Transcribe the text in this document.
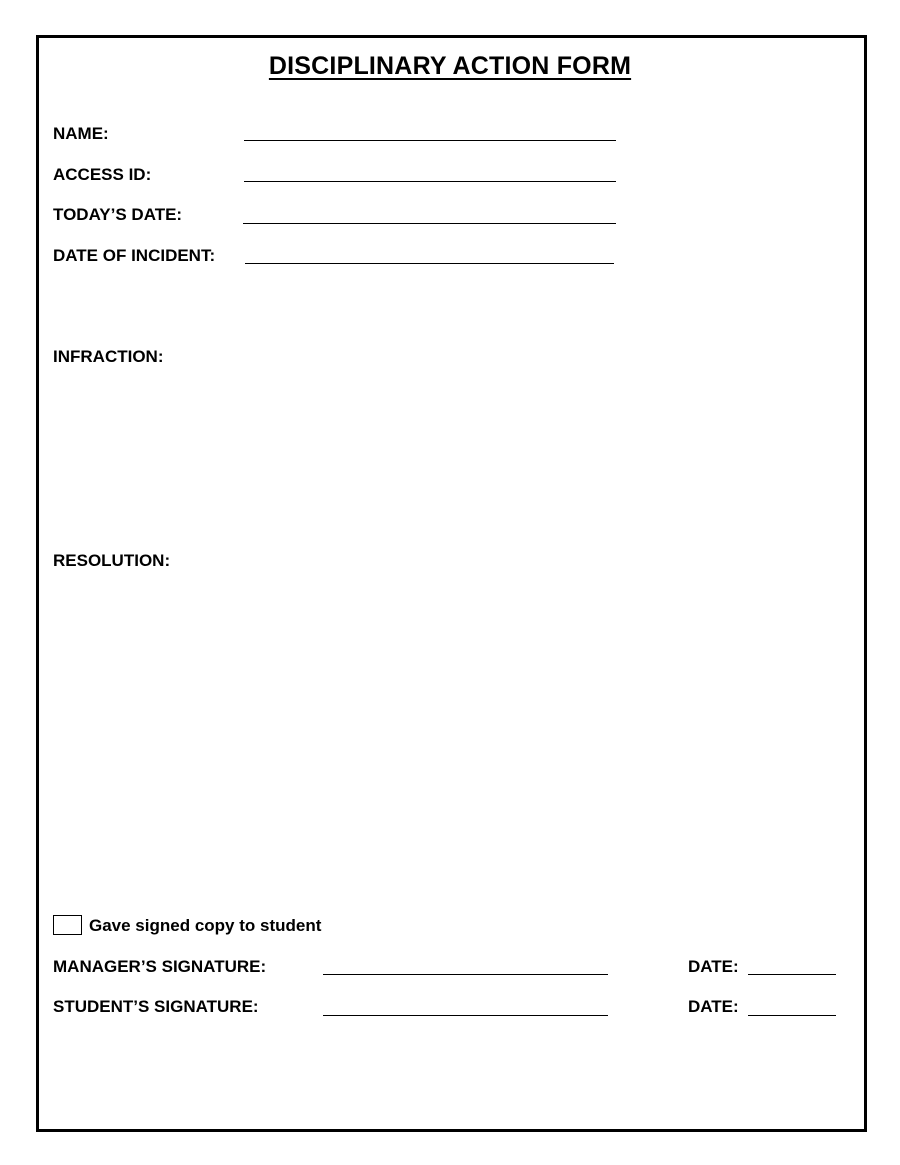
DISCIPLINARY ACTION FORM
NAME:
ACCESS ID:
TODAY’S DATE:
DATE OF INCIDENT:
INFRACTION:
RESOLUTION:
Gave signed copy to student
MANAGER’S SIGNATURE:	DATE:
STUDENT’S SIGNATURE:	DATE:
